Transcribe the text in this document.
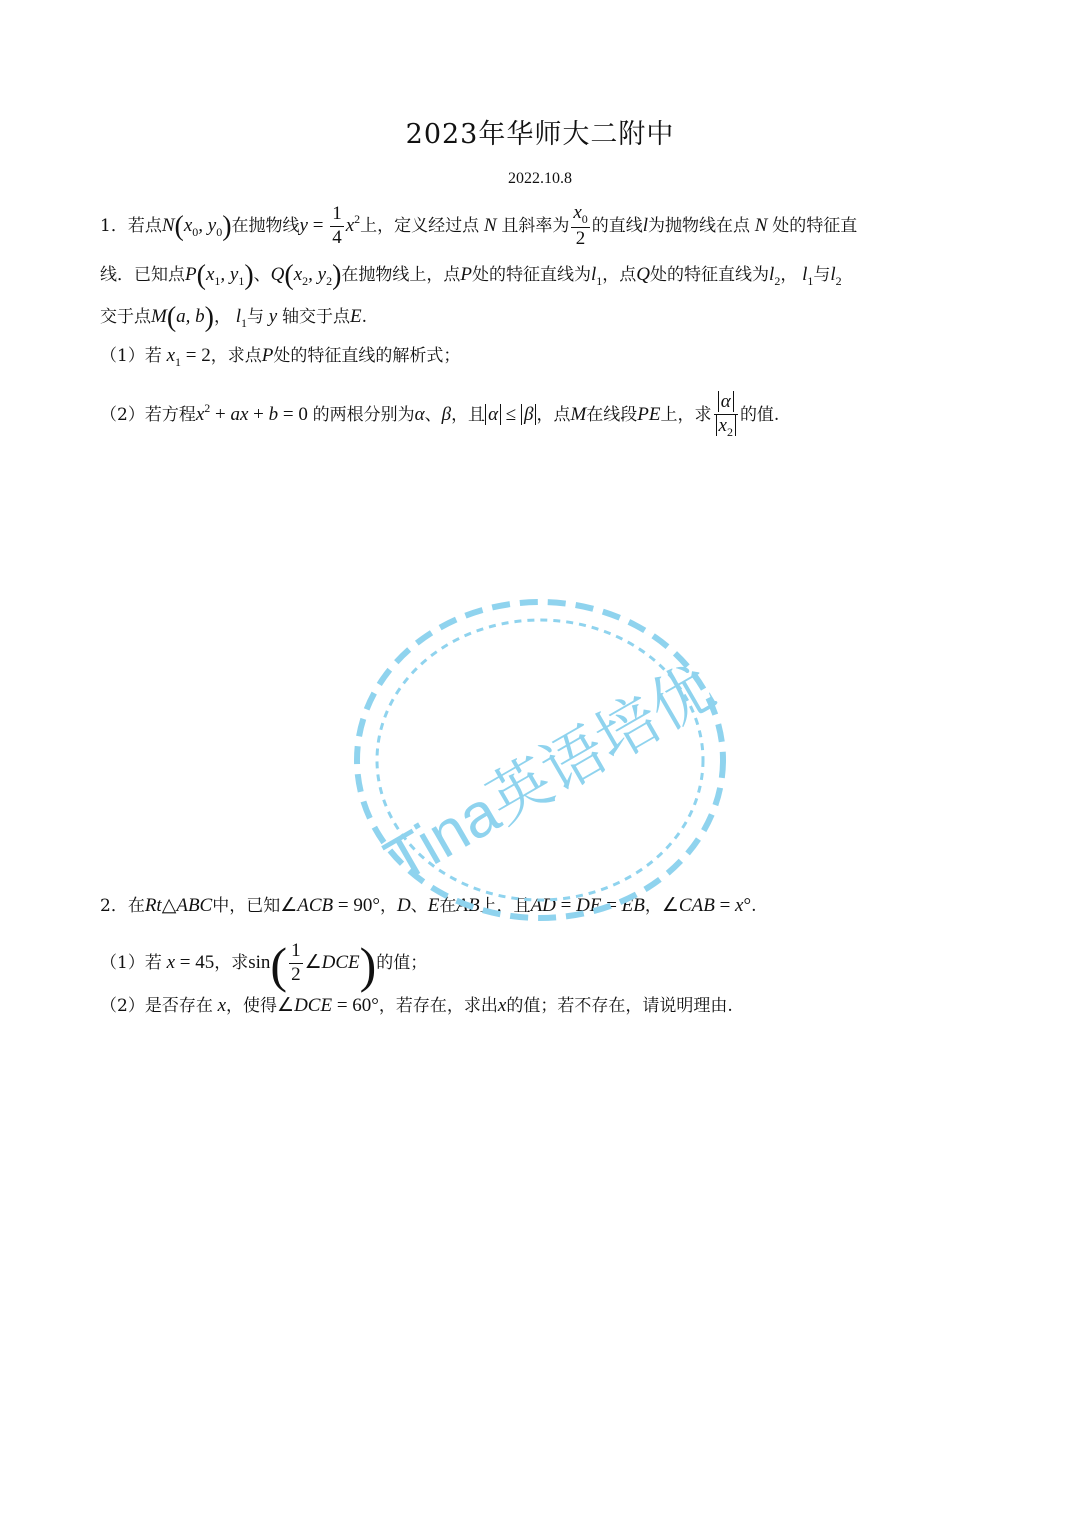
2023年华师大二附中
2022.10.8
1．若点$N(x_0$, $y_0$)在抛物线$y = \frac{1}{4} x^2$上，定义经过点 N 且斜率为 $\frac{x_0}{2}$ 的直线l为抛物线在点 N 处的特征直
线．已知点$P(x_1$, $y_1$)、$Q(x_2$, $y_2$)在抛物线上，点P处的特征直线为$l_1$，点Q处的特征直线为$l_2$， $l_1$与$l_2$
交于点M(a, b)， $l_1$与 y 轴交于点E.
（1）若 $x_1 = 2$，求点P处的特征直线的解析式；
（2）若方程$x^2$ + ax + b = 0 的两根分别为α、β，且 α ≤ β ，点M在线段PE上，求 $\frac{\alpha}{x_2}$ 的值.
2．在Rt△ABC中，已知∠ACB = 90°，D、E在AB上，且AD = DE = EB，∠CAB = x°.
（1）若 x = 45，求$\sin( \frac{1}{2}$ ∠DCE)的值；
（2）是否存在 x，使得∠DCE = 60°，若存在，求出x的值；若不存在，请说明理由.
Tina英语培优
